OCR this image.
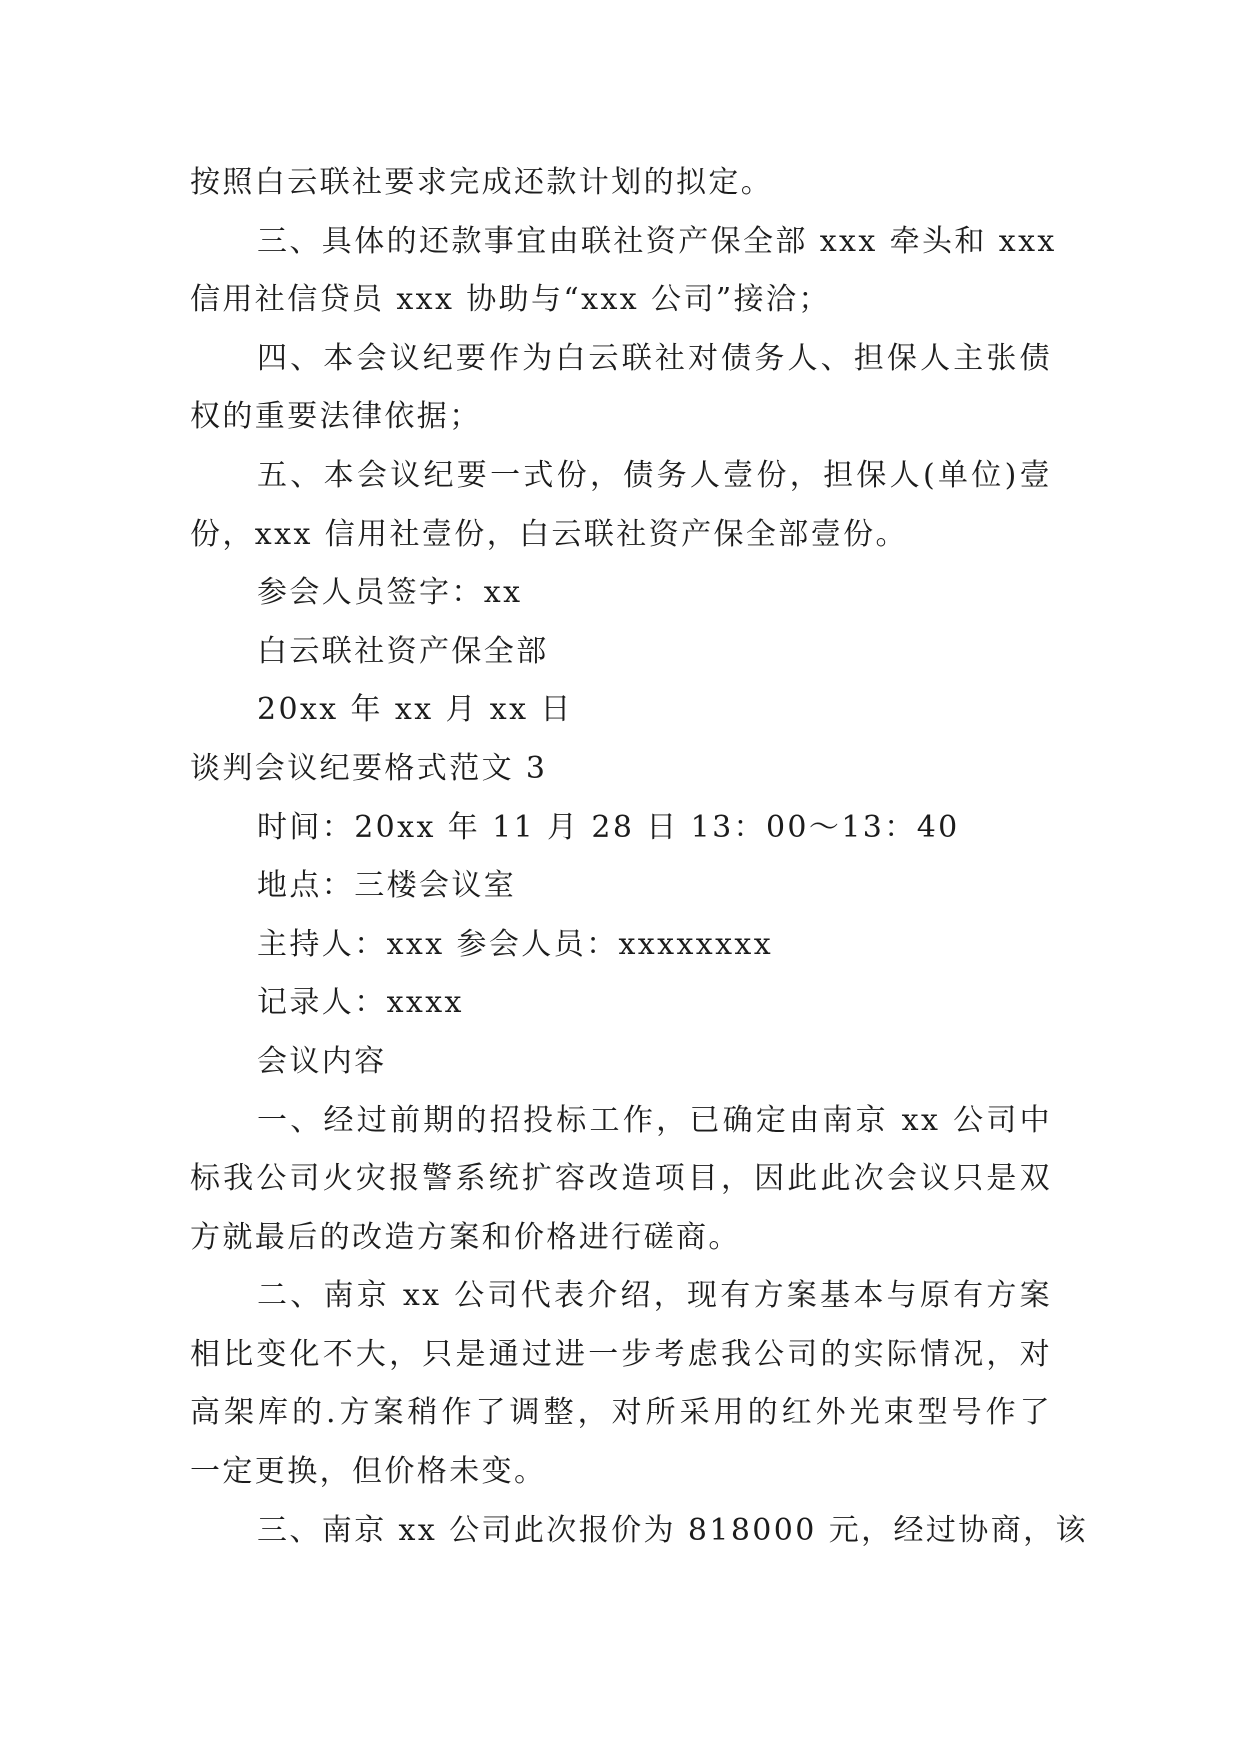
按照白云联社要求完成还款计划的拟定。
三、具体的还款事宜由联社资产保全部 xxx 牵头和 xxx
信用社信贷员 xxx 协助与“xxx 公司”接洽；
四、本会议纪要作为白云联社对债务人、担保人主张债
权的重要法律依据；
五、本会议纪要一式份，债务人壹份，担保人(单位)壹
份，xxx 信用社壹份，白云联社资产保全部壹份。
参会人员签字：xx
白云联社资产保全部
20xx 年 xx 月 xx 日
谈判会议纪要格式范文 3
时间：20xx 年 11 月 28 日 13：00～13：40
地点：三楼会议室
主持人：xxx 参会人员：xxxxxxxx
记录人：xxxx
会议内容
一、经过前期的招投标工作，已确定由南京 xx 公司中
标我公司火灾报警系统扩容改造项目，因此此次会议只是双
方就最后的改造方案和价格进行磋商。
二、南京 xx 公司代表介绍，现有方案基本与原有方案
相比变化不大，只是通过进一步考虑我公司的实际情况，对
高架库的.方案稍作了调整，对所采用的红外光束型号作了
一定更换，但价格未变。
三、南京 xx 公司此次报价为 818000 元，经过协商，该
